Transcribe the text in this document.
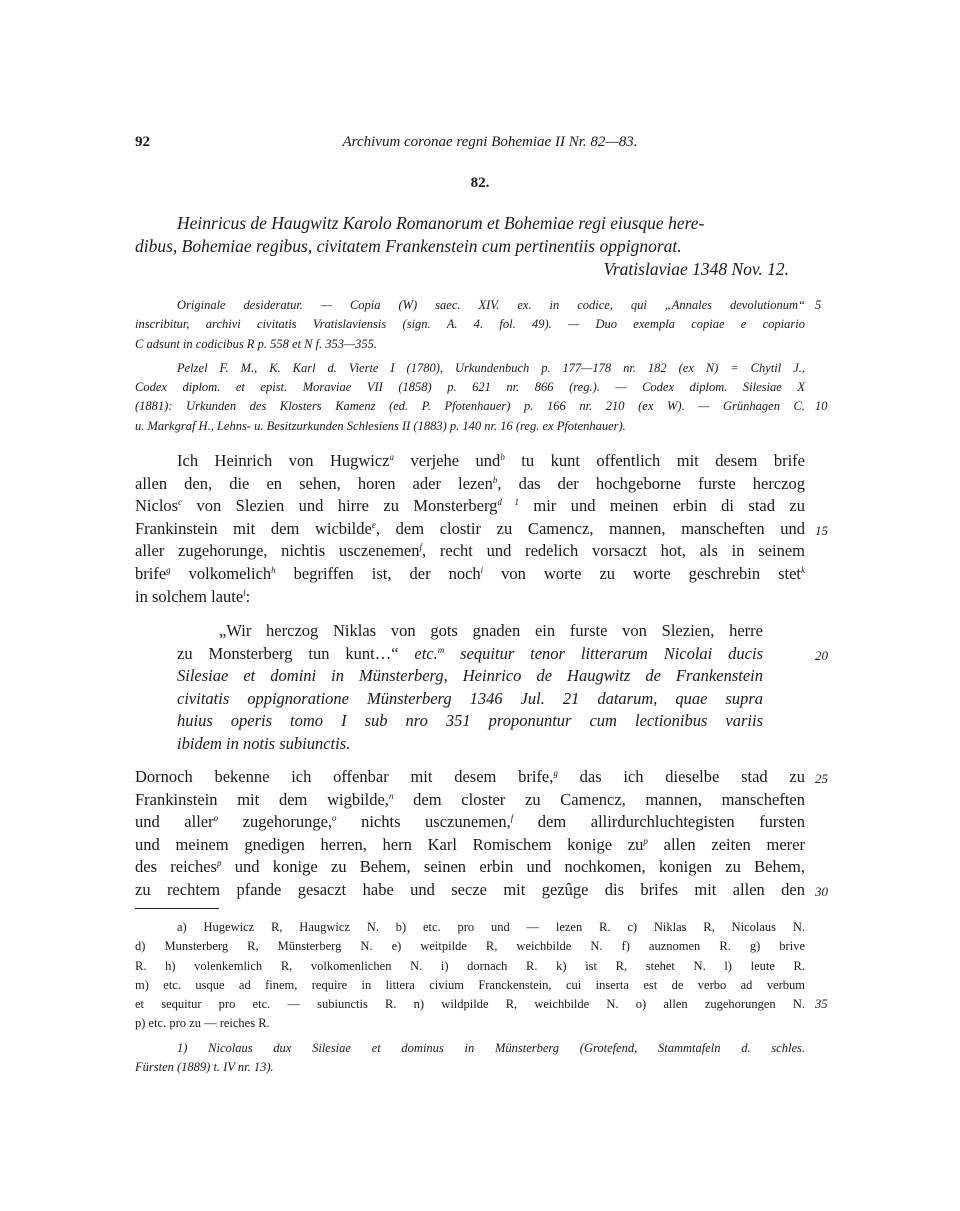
92	Archivum coronae regni Bohemiae II Nr. 82—83.
82.
Heinricus de Haugwitz Karolo Romanorum et Bohemiae regi eiusque here-
dibus, Bohemiae regibus, civitatem Frankenstein cum pertinentiis oppignorat.
Vratislaviae 1348 Nov. 12.
Originale desideratur. — Copia (W) saec. XIV. ex. in codice, qui „Annales devolutionum“ 5
inscribitur, archivi civitatis Vratislaviensis (sign. A. 4. fol. 49). — Duo exempla copiae e copiario
C adsunt in codicibus R p. 558 et N f. 353—355.
Pelzel F. M., K. Karl d. Vierte I (1780), Urkundenbuch p. 177—178 nr. 182 (ex N) = Chytil J.,
Codex diplom. et epist. Moraviae VII (1858) p. 621 nr. 866 (reg.). — Codex diplom. Silesiae X
(1881): Urkunden des Klosters Kamenz (ed. P. Pfotenhauer) p. 166 nr. 210 (ex W). — Grünhagen C. 10
u. Markgraf H., Lehns- u. Besitzurkunden Schlesiens II (1883) p. 140 nr. 16 (reg. ex Pfotenhauer).
Ich Heinrich von Hugwicz$^a$ verjehe und$^b$ tu kunt offentlich mit desem brife
allen den, die en sehen, horen ader lezen$^b$, das der hochgeborne furste herczog
Niclos$^c$ von Slezien und hirre zu Monsterberg$^{d 1}$ mir und meinen erbin di stad zu
Frankinstein mit dem wicbilde$^e$, dem clostir zu Camencz, mannen, manscheften und 15
aller zugehorunge, nichtis usczenemen$^f$, recht und redelich vorsaczt hot, als in seinem
brife$^g$ volkomelich$^h$ begriffen ist, der noch$^i$ von worte zu worte geschrebin stet$^k$
in solchem laute$^l$:
„Wir herczog Niklas von gots gnaden ein furste von Slezien, herre
zu Monsterberg tun kunt…“ etc.$^m$ sequitur tenor litterarum Nicolai ducis	20
Silesiae et domini in Münsterberg, Heinrico de Haugwitz de Frankenstein
civitatis oppignoratione Münsterberg 1346 Jul. 21 datarum, quae supra
huius operis tomo I sub nro 351 proponuntur cum lectionibus variis
ibidem in notis subiunctis.
Dornoch bekenne ich offenbar mit desem brife,$^g$ das ich dieselbe stad zu 25
Frankinstein mit dem wigbilde,$^n$ dem closter zu Camencz, mannen, manscheften
und aller$^o$ zugehorunge,$^o$ nichts usczunemen,$^f$ dem allirdurchluchtegisten fursten
und meinem gnedigen herren, hern Karl Romischem konige $zu^p$ allen zeiten merer
des reiches$^p$ und konige zu Behem, seinen erbin und nochkomen, konigen zu Behem,
zu rechtem pfande gesaczt habe und secze mit gezûge dis brifes mit allen den 30
a) Hugewicz R, Haugwicz N. b) etc. pro und — lezen R. c) Niklas R, Nicolaus N.
d) Munsterberg R, Münsterberg N. e) weitpilde R, weichbilde N. f) auznomen R. g) brive
R. h) volenkemlich R, volkomenlichen N. i) dornach R. k) ist R, stehet N. l) leute R.
m) etc. usque ad finem, require in littera civium Franckenstein, cui inserta est de verbo ad verbum
et sequitur pro etc. — subiunctis R. n) wildpilde R, weichbilde N. o) allen zugehorungen N. 35
p) etc. pro zu — reiches R.
1) Nicolaus dux Silesiae et dominus in Münsterberg (Grotefend, Stammtafeln d. schles.
Fürsten (1889) t. IV nr. 13).
